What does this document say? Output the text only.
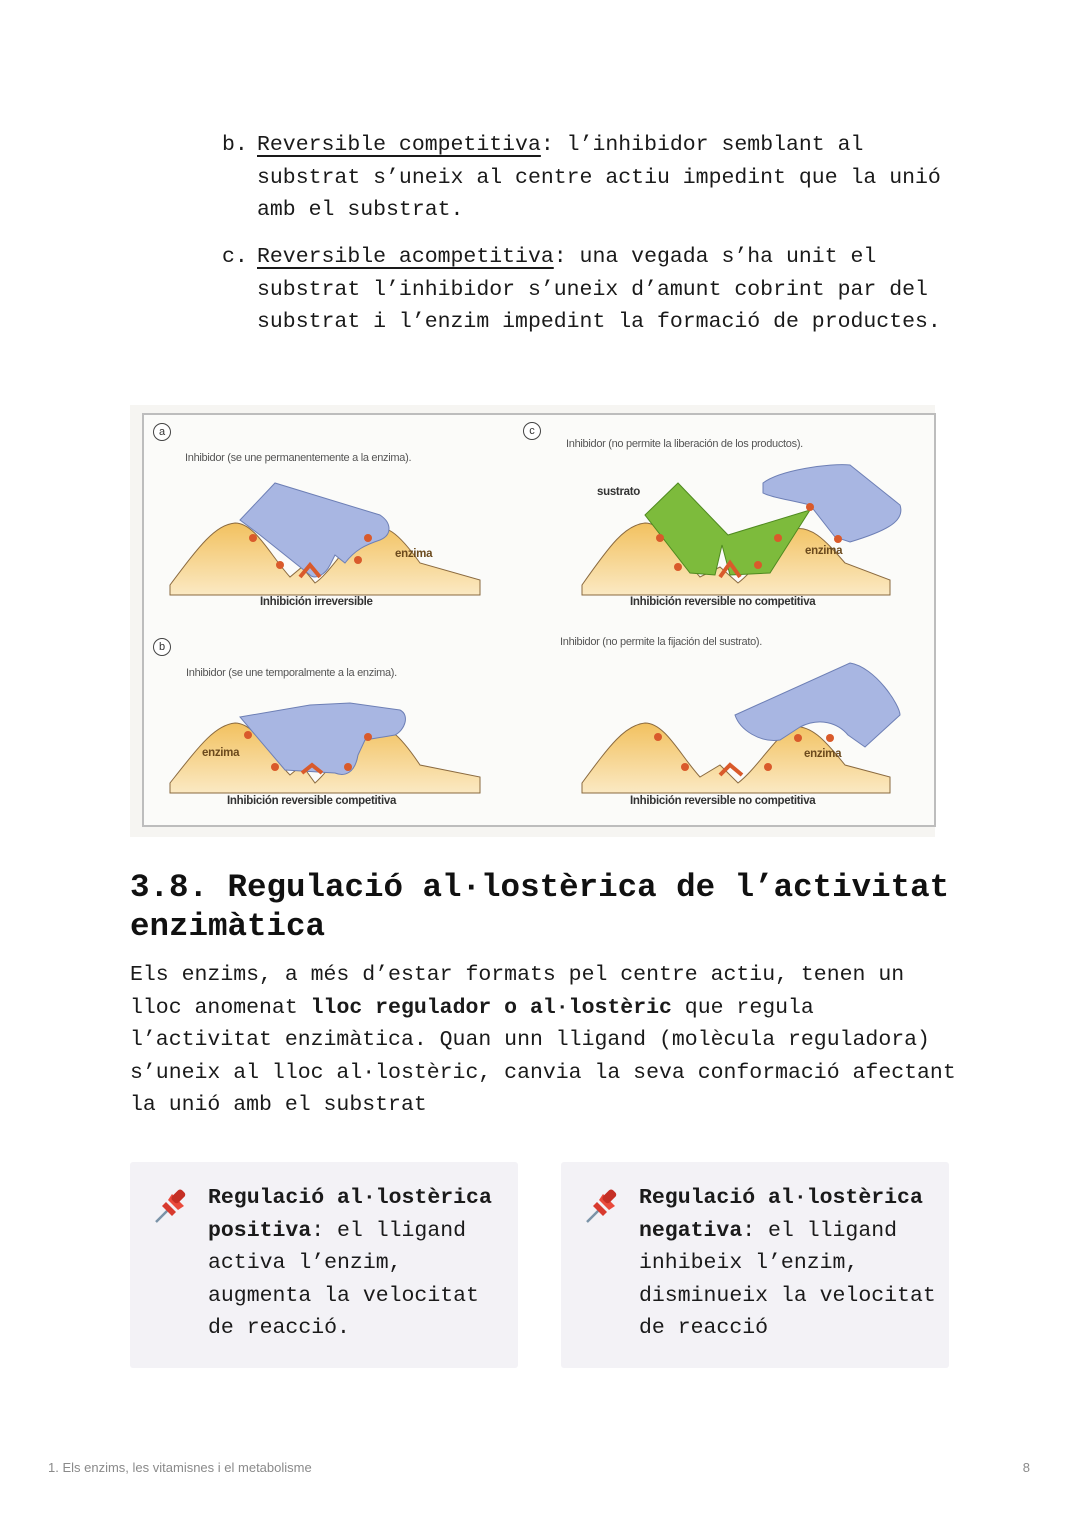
b. Reversible competitiva: l’inhibidor semblant al substrat s’uneix al centre actiu impedint que la unió amb el substrat.
c. Reversible acompetitiva: una vegada s’ha unit el substrat l’inhibidor s’uneix d’amunt cobrint par del substrat i l’enzim impedint la formació de productes.
a
Inhibidor (se une permanentemente a la enzima).
enzima
Inhibición irreversible
b
Inhibidor (se une temporalmente a la enzima).
enzima
Inhibición reversible competitiva
c
Inhibidor (no permite la liberación de los productos).
sustrato
enzima
Inhibición reversible no competitiva
Inhibidor (no permite la fijación del sustrato).
enzima
Inhibición reversible no competitiva
3.8. Regulació al·lostèrica de l’activitat enzimàtica
Els enzims, a més d’estar formats pel centre actiu, tenen un lloc anomenat lloc regulador o al·lostèric que regula l’activitat enzimàtica. Quan unn lligand (molècula reguladora) s’uneix al lloc al·lostèric, canvia la seva conformació afectant la unió amb el substrat
Regulació al·lostèrica positiva: el lligand activa l’enzim, augmenta la velocitat de reacció.
Regulació al·lostèrica negativa: el lligand inhibeix l’enzim, disminueix la velocitat de reacció
1. Els enzims, les vitamisnes i el metabolisme	8
